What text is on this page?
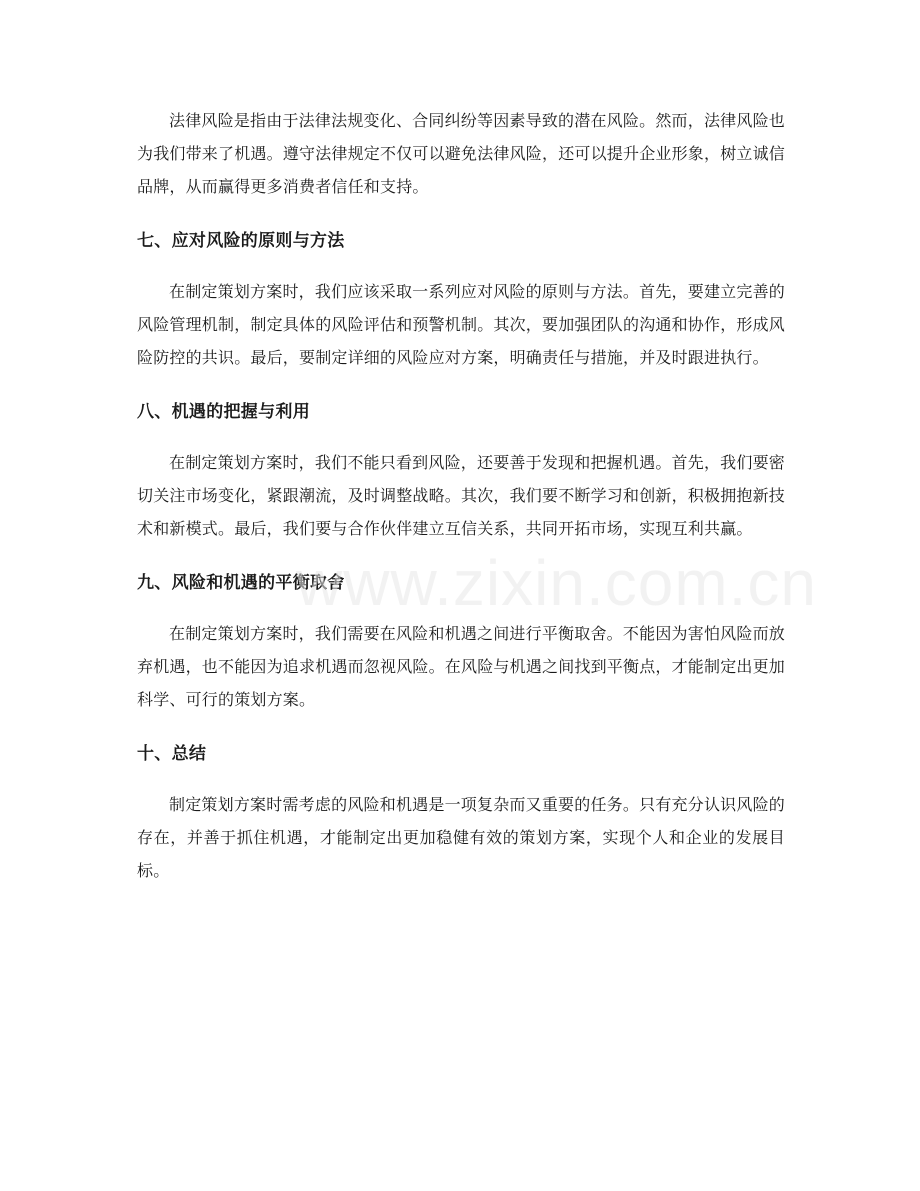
法律风险是指由于法律法规变化、合同纠纷等因素导致的潜在风险。然而，法律风险也为我们带来了机遇。遵守法律规定不仅可以避免法律风险，还可以提升企业形象，树立诚信品牌，从而赢得更多消费者信任和支持。

七、应对风险的原则与方法

在制定策划方案时，我们应该采取一系列应对风险的原则与方法。首先，要建立完善的风险管理机制，制定具体的风险评估和预警机制。其次，要加强团队的沟通和协作，形成风险防控的共识。最后，要制定详细的风险应对方案，明确责任与措施，并及时跟进执行。

八、机遇的把握与利用

在制定策划方案时，我们不能只看到风险，还要善于发现和把握机遇。首先，我们要密切关注市场变化，紧跟潮流，及时调整战略。其次，我们要不断学习和创新，积极拥抱新技术和新模式。最后，我们要与合作伙伴建立互信关系，共同开拓市场，实现互利共赢。

九、风险和机遇的平衡取舍

在制定策划方案时，我们需要在风险和机遇之间进行平衡取舍。不能因为害怕风险而放弃机遇，也不能因为追求机遇而忽视风险。在风险与机遇之间找到平衡点，才能制定出更加科学、可行的策划方案。

十、总结

制定策划方案时需考虑的风险和机遇是一项复杂而又重要的任务。只有充分认识风险的存在，并善于抓住机遇，才能制定出更加稳健有效的策划方案，实现个人和企业的发展目标。

www.zixin.com.cn
